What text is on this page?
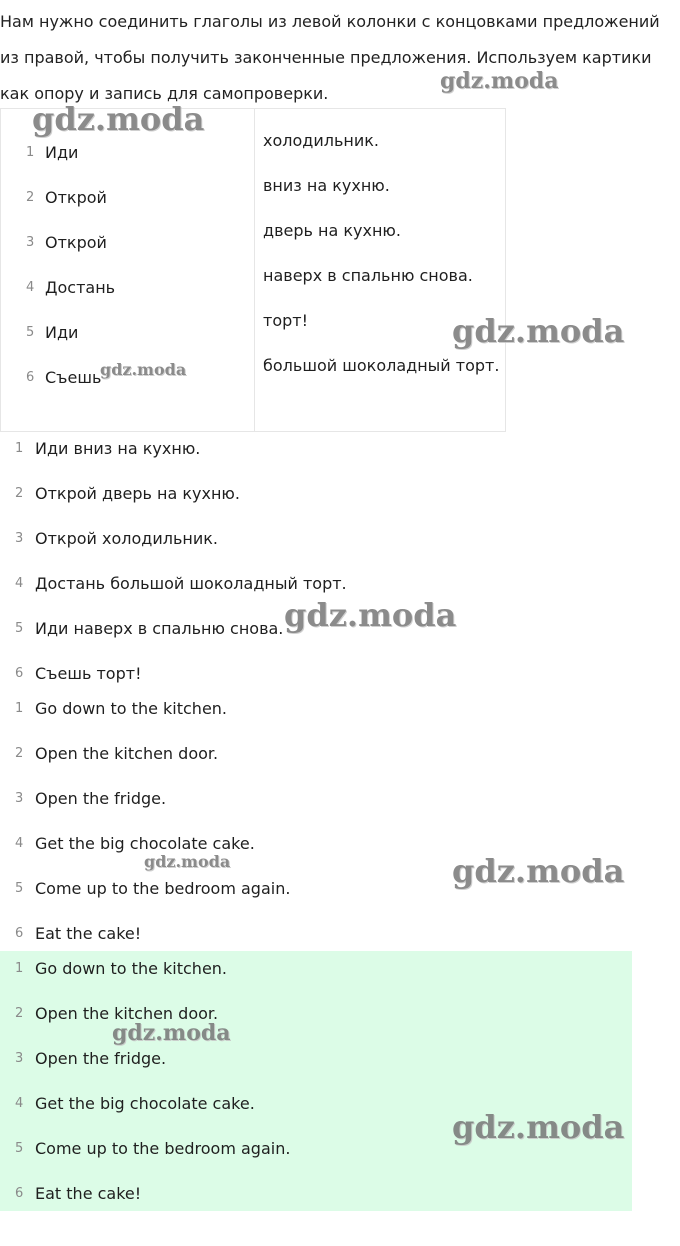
Нам нужно соединить глаголы из левой колонки с концовками предложений из правой, чтобы получить законченные предложения. Используем картики как опору и запись для самопроверки.
1 Иди
2 Открой
3 Открой
4 Достань
5 Иди
6 Съешь
холодильник.
вниз на кухню.
дверь на кухню.
наверх в спальню снова.
торт!
большой шоколадный торт.
1 Иди вниз на кухню.
2 Открой дверь на кухню.
3 Открой холодильник.
4 Достань большой шоколадный торт.
5 Иди наверх в спальню снова.
6 Съешь торт!
1 Go down to the kitchen.
2 Open the kitchen door.
3 Open the fridge.
4 Get the big chocolate cake.
5 Come up to the bedroom again.
6 Eat the cake!
1 Go down to the kitchen.
2 Open the kitchen door.
3 Open the fridge.
4 Get the big chocolate cake.
5 Come up to the bedroom again.
6 Eat the cake!
gdz.moda
gdz.moda
gdz.moda
gdz.moda
gdz.moda
gdz.moda	gdz.moda
gdz.moda
gdz.moda
